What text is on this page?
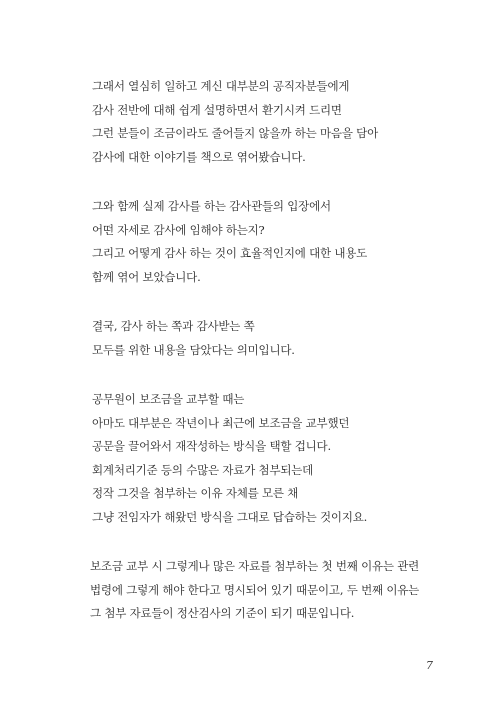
그래서 열심히 일하고 계신 대부분의 공직자분들에게
감사 전반에 대해 쉽게 설명하면서 환기시켜 드리면
그런 분들이 조금이라도 줄어들지 않을까 하는 마음을 담아
감사에 대한 이야기를 책으로 엮어봤습니다.

그와 함께 실제 감사를 하는 감사관들의 입장에서
어떤 자세로 감사에 임해야 하는지?
그리고 어떻게 감사 하는 것이 효율적인지에 대한 내용도
함께 엮어 보았습니다.

결국, 감사 하는 쪽과 감사받는 쪽
모두를 위한 내용을 담았다는 의미입니다.

공무원이 보조금을 교부할 때는
아마도 대부분은 작년이나 최근에 보조금을 교부했던
공문을 끌어와서 재작성하는 방식을 택할 겁니다.
회계처리기준 등의 수많은 자료가 첨부되는데
정작 그것을 첨부하는 이유 자체를 모른 채
그냥 전임자가 해왔던 방식을 그대로 답습하는 것이지요.

보조금 교부 시 그렇게나 많은 자료를 첨부하는 첫 번째 이유는 관련
법령에 그렇게 해야 한다고 명시되어 있기 때문이고, 두 번째 이유는
그 첨부 자료들이 정산검사의 기준이 되기 때문입니다.

7
